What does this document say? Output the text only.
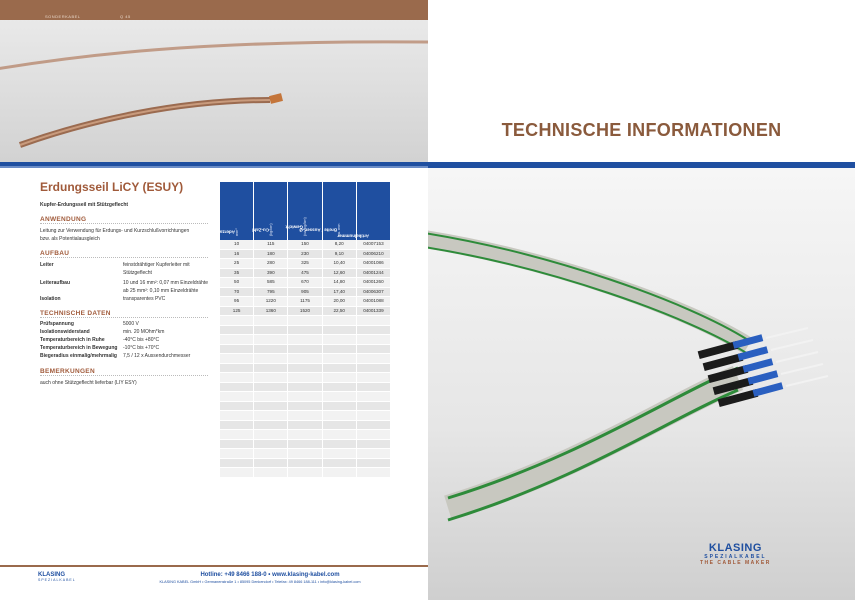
SONDERKABEL	Q 45
TECHNISCHE INFORMATIONEN
Erdungsseil LiCY (ESUY)
Kupfer-Erdungsseil mit Stützgeflecht
ANWENDUNG
Leitung zur Verwendung für Erdungs- und Kurzschlußvorrichtungen
bzw. als Potentialausgleich
AUFBAU
Leiter	feinstdrähtiger Kupferleiter mit
Stützgeflecht
Leiteraufbau	10 und 16 mm²: 0,07 mm Einzeldrähte
ab 25 mm²: 0,10 mm Einzeldrähte
Isolation	transparentes PVC
TECHNISCHE DATEN
Prüfspannung	5000 V
Isolationswiderstand	min. 20 MOhm*km
Temperaturbereich in Ruhe	-40°C bis +80°C
Temperaturbereich in Bewegung -10°C bis +70°C
Biegeradius einmalig/mehrmalig 7,5 / 12 x Aussendurchmesser
BEMERKUNGEN
auch ohne Stützgeflecht lieferbar (LIY ESY)
Aderzahl x Querschnitt mm²	Cu-Zahl (kg/km)	Gewicht (ca. kg/km)
Breite / Aussen-Ø ca. mm
Artikelnummer
10	115	150	8,20	04007153
16	180	230	9,10	04006210
25	280	325	10,40	04001086
35	390	475	12,60	04001244
50	585	670	14,80	04001260
70	795	905	17,40	04006307
95	1220	1175	20,00	04001088
125	1360	1520	22,50	04001339
KLASING
SPEZIALKABEL
Hotline: +49 8466 188-0 • www.klasing-kabel.com
KLASING KABEL GmbH • Germanenstraße 1 • 85095 Denkendorf • Telefax: 49 8466 188-111 • info@klasing-kabel.com
KLASING
SPEZIALKABEL
THE CABLE MAKER
